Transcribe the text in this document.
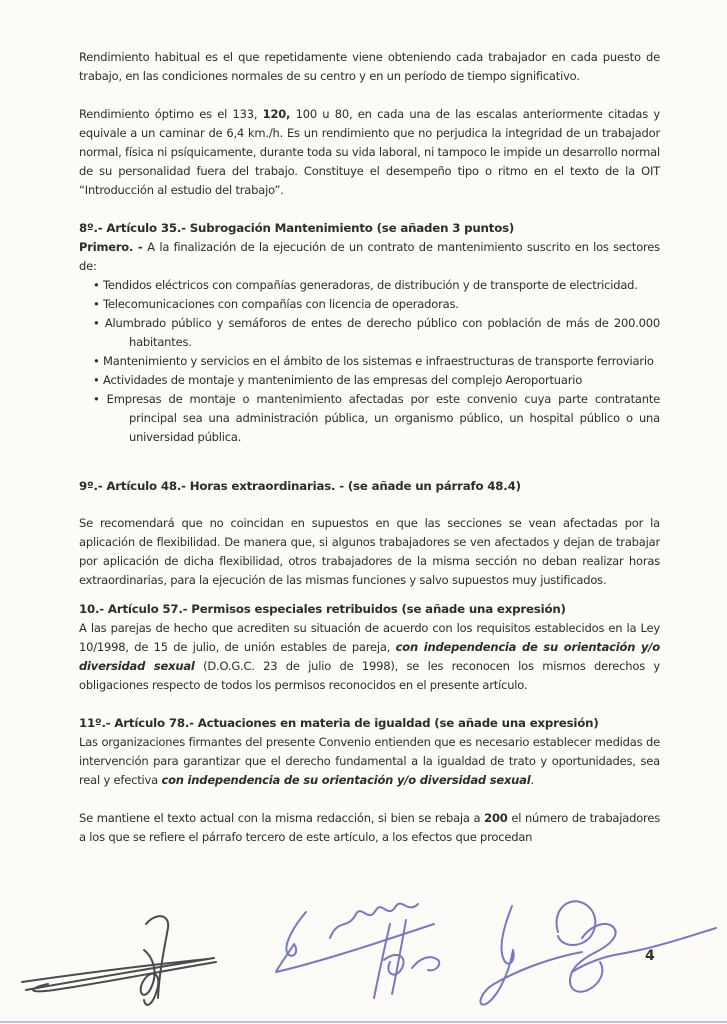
Rendimiento habitual es el que repetidamente viene obteniendo cada trabajador en cada puesto de trabajo, en las condiciones normales de su centro y en un período de tiempo significativo.

Rendimiento óptimo es el 133, 120, 100 u 80, en cada una de las escalas anteriormente citadas y equivale a un caminar de 6,4 km./h. Es un rendimiento que no perjudica la integridad de un trabajador normal, física ni psíquicamente, durante toda su vida laboral, ni tampoco le impide un desarrollo normal de su personalidad fuera del trabajo. Constituye el desempeño tipo o ritmo en el texto de la OIT “Introducción al estudio del trabajo”.

8º.- Artículo 35.- Subrogación Mantenimiento (se añaden 3 puntos)

Primero. - A la finalización de la ejecución de un contrato de mantenimiento suscrito en los sectores de:

• Tendidos eléctricos con compañías generadoras, de distribución y de transporte de electricidad.
• Telecomunicaciones con compañías con licencia de operadoras.
• Alumbrado público y semáforos de entes de derecho público con población de más de 200.000 habitantes.
• Mantenimiento y servicios en el ámbito de los sistemas e infraestructuras de transporte ferroviario
• Actividades de montaje y mantenimiento de las empresas del complejo Aeroportuario
• Empresas de montaje o mantenimiento afectadas por este convenio cuya parte contratante principal sea una administración pública, un organismo público, un hospital público o una universidad pública.

9º.- Artículo 48.- Horas extraordinarias. - (se añade un párrafo 48.4)

Se recomendará que no coincidan en supuestos en que las secciones se vean afectadas por la aplicación de flexibilidad. De manera que, si algunos trabajadores se ven afectados y dejan de trabajar por aplicación de dicha flexibilidad, otros trabajadores de la misma sección no deban realizar horas extraordinarias, para la ejecución de las mismas funciones y salvo supuestos muy justificados.

10.- Artículo 57.- Permisos especiales retribuidos (se añade una expresión)

A las parejas de hecho que acrediten su situación de acuerdo con los requisitos establecidos en la Ley 10/1998, de 15 de julio, de unión estables de pareja, con independencia de su orientación y/o diversidad sexual (D.O.G.C. 23 de julio de 1998), se les reconocen los mismos derechos y obligaciones respecto de todos los permisos reconocidos en el presente artículo.

11º.- Artículo 78.- Actuaciones en materia de igualdad (se añade una expresión)

Las organizaciones firmantes del presente Convenio entienden que es necesario establecer medidas de intervención para garantizar que el derecho fundamental a la igualdad de trato y oportunidades, sea real y efectiva con independencia de su orientación y/o diversidad sexual.

Se mantiene el texto actual con la misma redacción, si bien se rebaja a 200 el número de trabajadores a los que se refiere el párrafo tercero de este artículo, a los efectos que procedan

4
